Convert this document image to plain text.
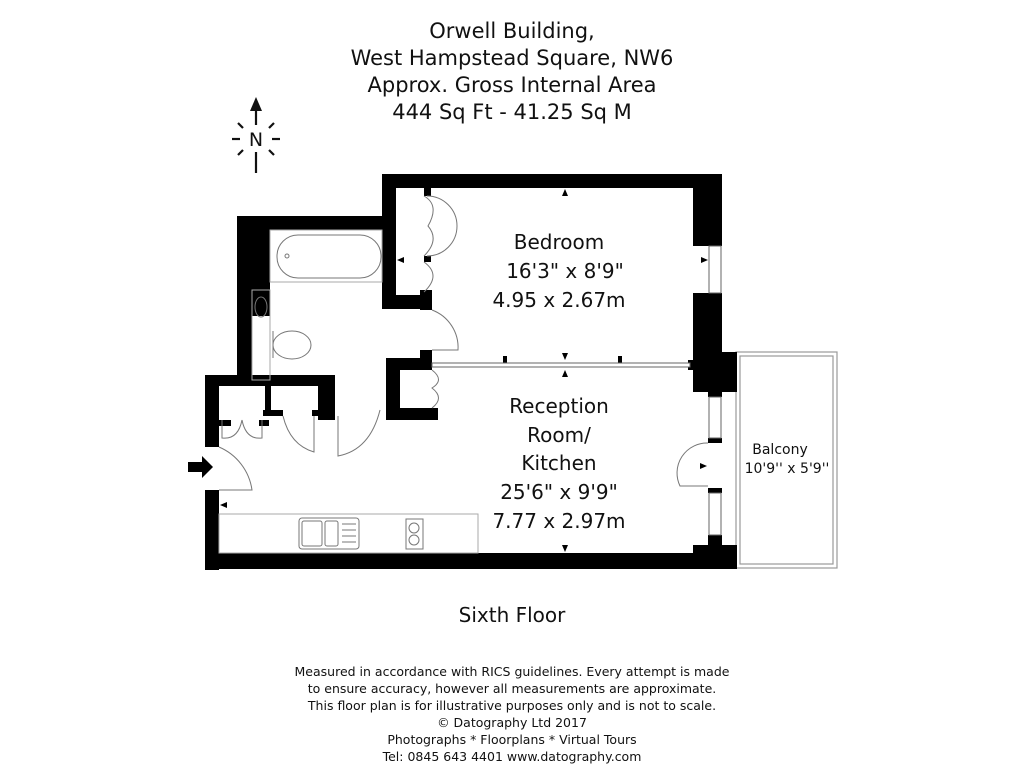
Orwell Building,
West Hampstead Square, NW6
Approx. Gross Internal Area
444 Sq Ft - 41.25 Sq M
N
Bedroom
16'3" x 8'9"
4.95 x 2.67m
Reception
Room/
Kitchen
25'6" x 9'9"
7.77 x 2.97m
Balcony
10'9'' x 5'9''
Sixth Floor
Measured in accordance with RICS guidelines. Every attempt is made
to ensure accuracy, however all measurements are approximate.
This floor plan is for illustrative purposes only and is not to scale.
© Datography Ltd 2017
Photographs * Floorplans * Virtual Tours
Tel: 0845 643 4401 www.datography.com
